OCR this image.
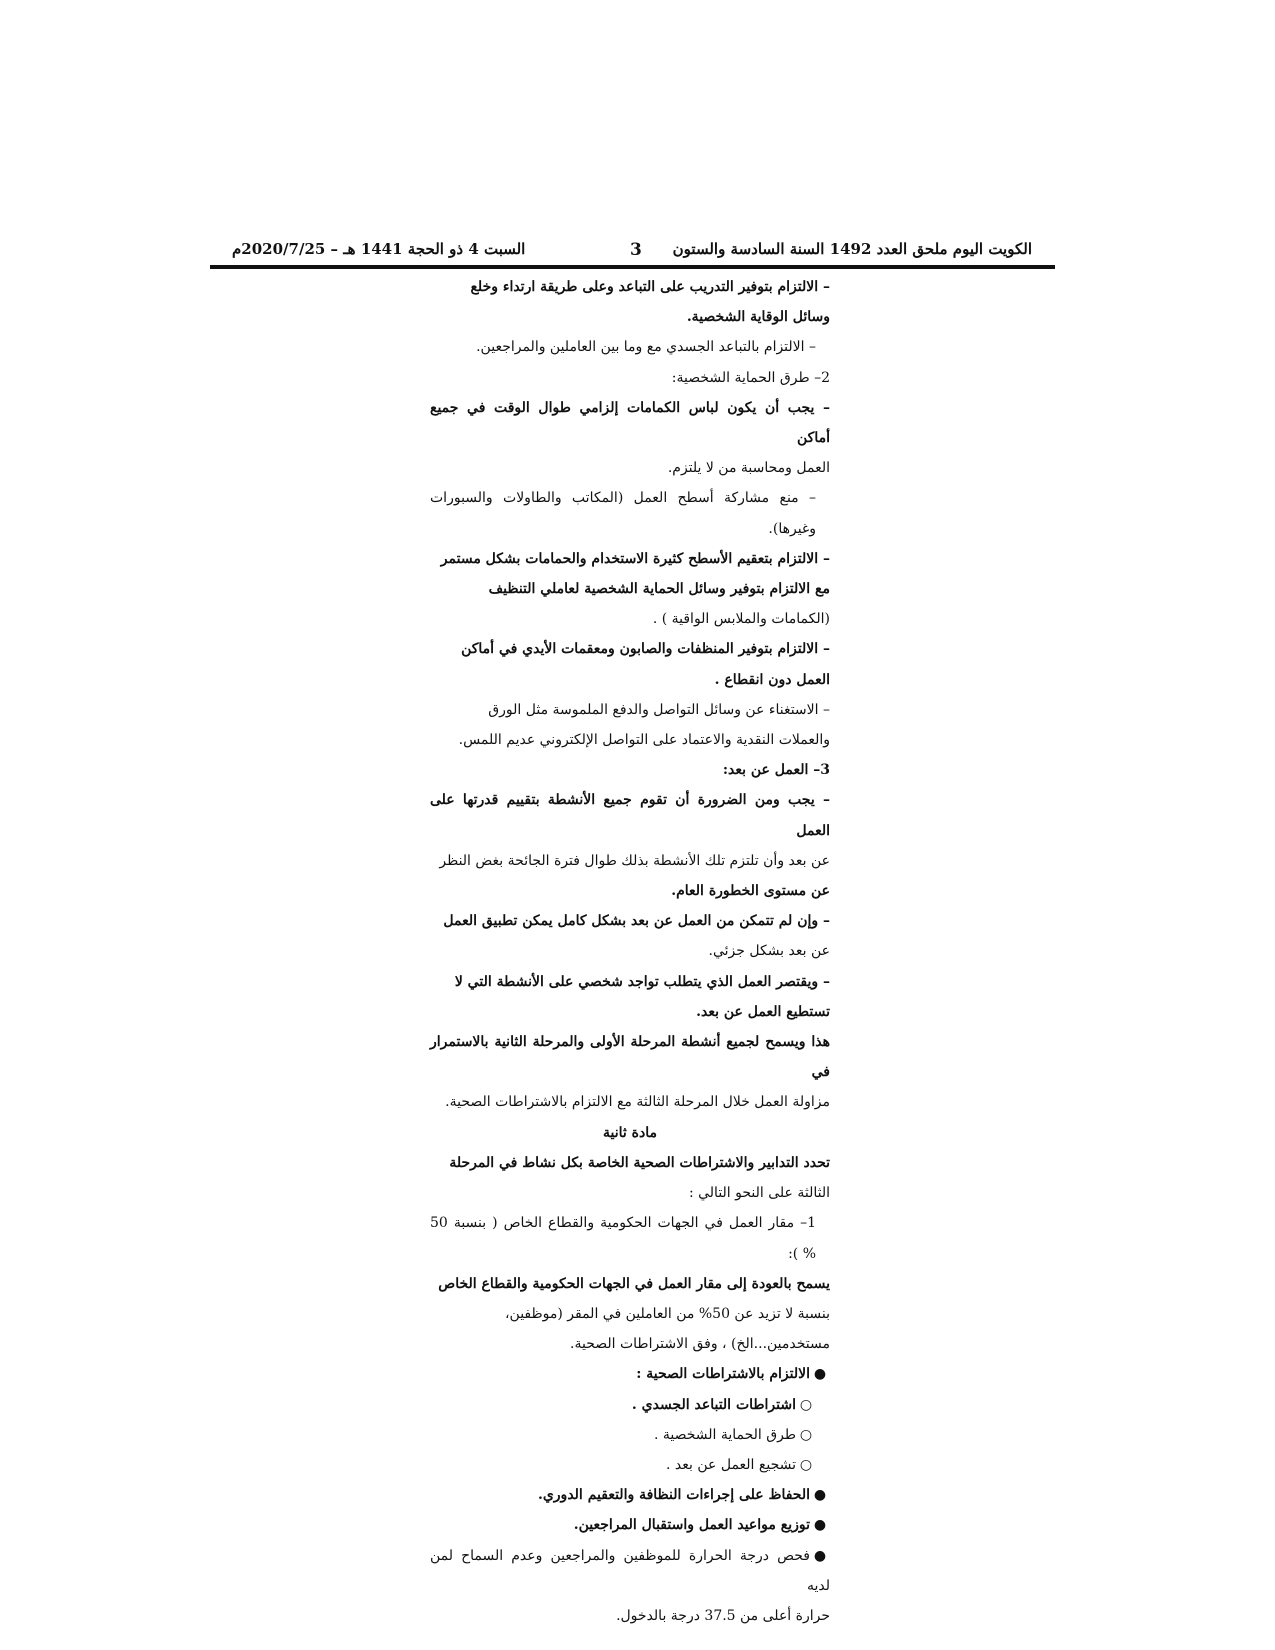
الكويت اليوم ملحق العدد 1492 السنة السادسة والستون
3
السبت 4 ذو الحجة 1441 هـ – 2020/7/25م

– الالتزام بتوفير التدريب على التباعد وعلى طريقة ارتداء وخلع

وسائل الوقاية الشخصية.

– الالتزام بالتباعد الجسدي مع وما بين العاملين والمراجعين.

2– طرق الحماية الشخصية:

– يجب أن يكون لباس الكمامات إلزامي طوال الوقت في جميع أماكن

العمل ومحاسبة من لا يلتزم.

– منع مشاركة أسطح العمل (المكاتب والطاولات والسبورات وغيرها).

– الالتزام بتعقيم الأسطح كثيرة الاستخدام والحمامات بشكل مستمر

مع الالتزام بتوفير وسائل الحماية الشخصية لعاملي التنظيف

(الكمامات والملابس الواقية ) .

– الالتزام بتوفير المنظفات والصابون ومعقمات الأيدي في أماكن

العمل دون انقطاع .

– الاستغناء عن وسائل التواصل والدفع الملموسة مثل الورق

والعملات النقدية والاعتماد على التواصل الإلكتروني عديم اللمس.

3– العمل عن بعد:

– يجب ومن الضرورة أن تقوم جميع الأنشطة بتقييم قدرتها على العمل

عن بعد وأن تلتزم تلك الأنشطة بذلك طوال فترة الجائحة بغض النظر

عن مستوى الخطورة العام.

– وإن لم تتمكن من العمل عن بعد بشكل كامل يمكن تطبيق العمل

عن بعد بشكل جزئي.

– ويقتصر العمل الذي يتطلب تواجد شخصي على الأنشطة التي لا

تستطيع العمل عن بعد.

هذا ويسمح لجميع أنشطة المرحلة الأولى والمرحلة الثانية بالاستمرار في

مزاولة العمل خلال المرحلة الثالثة مع الالتزام بالاشتراطات الصحية.

مادة ثانية

تحدد التدابير والاشتراطات الصحية الخاصة بكل نشاط في المرحلة

الثالثة على النحو التالي :

1– مقار العمل في الجهات الحكومية والقطاع الخاص ( بنسبة 50 % ):

يسمح بالعودة إلى مقار العمل في الجهات الحكومية والقطاع الخاص

بنسبة لا تزيد عن 50% من العاملين في المقر (موظفين،

مستخدمين...الخ) ، وفق الاشتراطات الصحية.

●الالتزام بالاشتراطات الصحية :

○اشتراطات التباعد الجسدي .

○طرق الحماية الشخصية .

○تشجيع العمل عن بعد .

●الحفاظ على إجراءات النظافة والتعقيم الدوري.

●توزيع مواعيد العمل واستقبال المراجعين.

●فحص درجة الحرارة للموظفين والمراجعين وعدم السماح لمن لديه

حرارة أعلى من 37.5 درجة بالدخول.
